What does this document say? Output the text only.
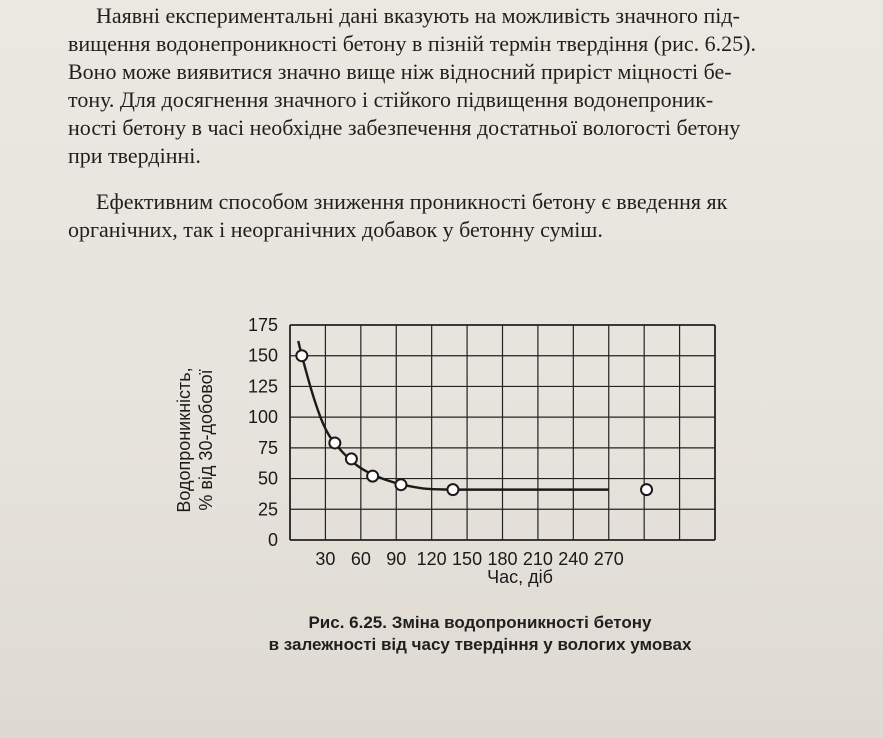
Наявні експериментальні дані вказують на можливість значного під-
вищення водонепроникності бетону в пізній термін твердіння (рис. 6.25).
Воно може виявитися значно вище ніж відносний приріст міцності бе-
тону. Для досягнення значного і стійкого підвищення водонепроник-
ності бетону в часі необхідне забезпечення достатньої вологості бетону
при твердінні.

Ефективним способом зниження проникності бетону є введення як
органічних, так і неорганічних добавок у бетонну суміш.

0
25
50
75
100
125
150
175
30 60 90 120 150 180 210 240 270
Водопроникність, % від 30-добової
Час, діб
Рис. 6.25. Зміна водопроникності бетону
в залежності від часу твердіння у вологих умовах
